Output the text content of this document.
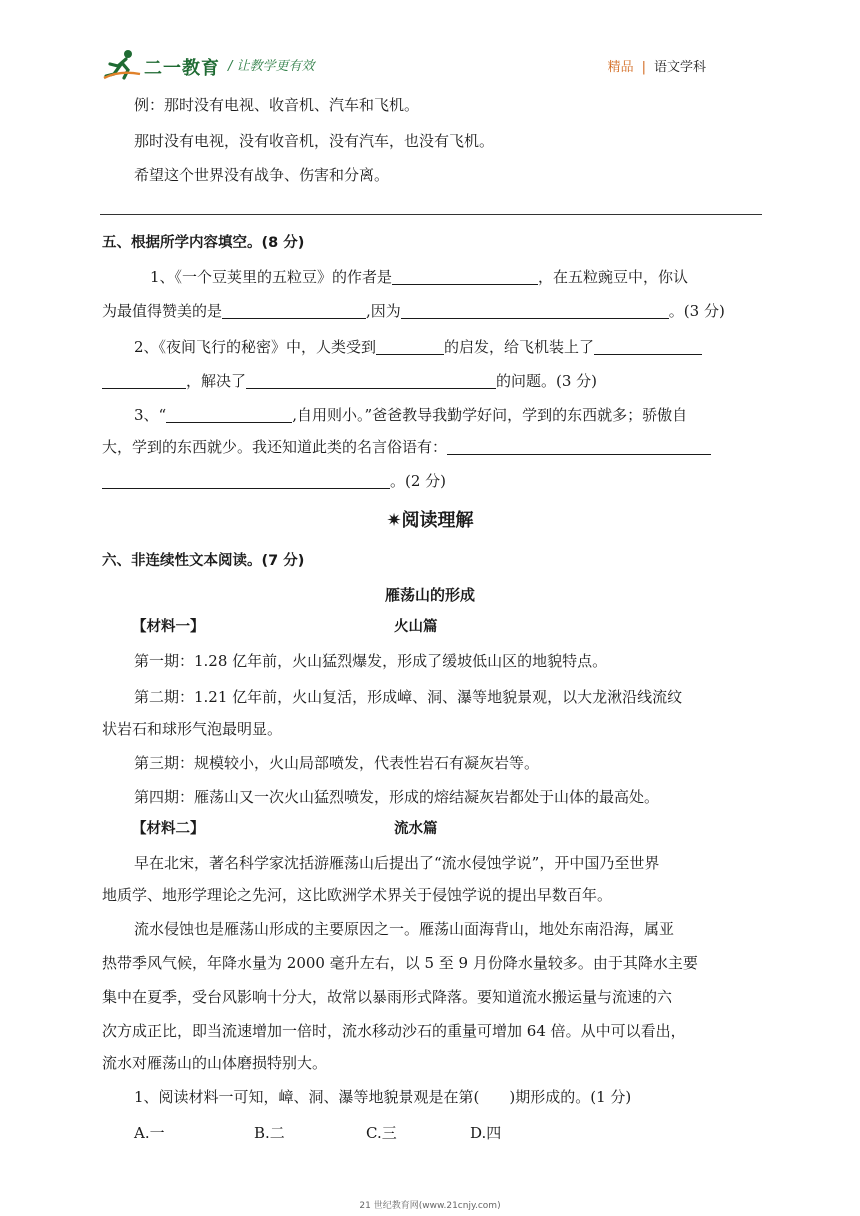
二一教育 / 让教学更有效	精品 | 语文学科
例：那时没有电视、收音机、汽车和飞机。
那时没有电视，没有收音机，没有汽车，也没有飞机。
希望这个世界没有战争、伤害和分离。
五、根据所学内容填空。(8 分)
1、《一个豆荚里的五粒豆》的作者是	，在五粒豌豆中，你认
为最值得赞美的是	,因为	。(3 分)
2、《夜间飞行的秘密》中，人类受到	的启发，给飞机装上了
，解决了	的问题。(3 分)
3、“	,自用则小。”爸爸教导我勤学好问，学到的东西就多；骄傲自
大，学到的东西就少。我还知道此类的名言俗语有：
。(2 分)
✷阅读理解
六、非连续性文本阅读。(7 分)
雁荡山的形成
【材料一】	火山篇
第一期：1.28 亿年前，火山猛烈爆发，形成了缓坡低山区的地貌特点。
第二期：1.21 亿年前，火山复活，形成嶂、洞、瀑等地貌景观，以大龙湫沿线流纹
状岩石和球形气泡最明显。
第三期：规模较小，火山局部喷发，代表性岩石有凝灰岩等。
第四期：雁荡山又一次火山猛烈喷发，形成的熔结凝灰岩都处于山体的最高处。
【材料二】	流水篇
早在北宋，著名科学家沈括游雁荡山后提出了“流水侵蚀学说”，开中国乃至世界
地质学、地形学理论之先河，这比欧洲学术界关于侵蚀学说的提出早数百年。
流水侵蚀也是雁荡山形成的主要原因之一。雁荡山面海背山，地处东南沿海，属亚
热带季风气候，年降水量为 2000 毫升左右，以 5 至 9 月份降水量较多。由于其降水主要
集中在夏季，受台风影响十分大，故常以暴雨形式降落。要知道流水搬运量与流速的六
次方成正比，即当流速增加一倍时，流水移动沙石的重量可增加 64 倍。从中可以看出，
流水对雁荡山的山体磨损特别大。
1、阅读材料一可知，嶂、洞、瀑等地貌景观是在第(　　)期形成的。(1 分)
A.一	B.二	C.三	D.四
21 世纪教育网(www.21cnjy.com)
